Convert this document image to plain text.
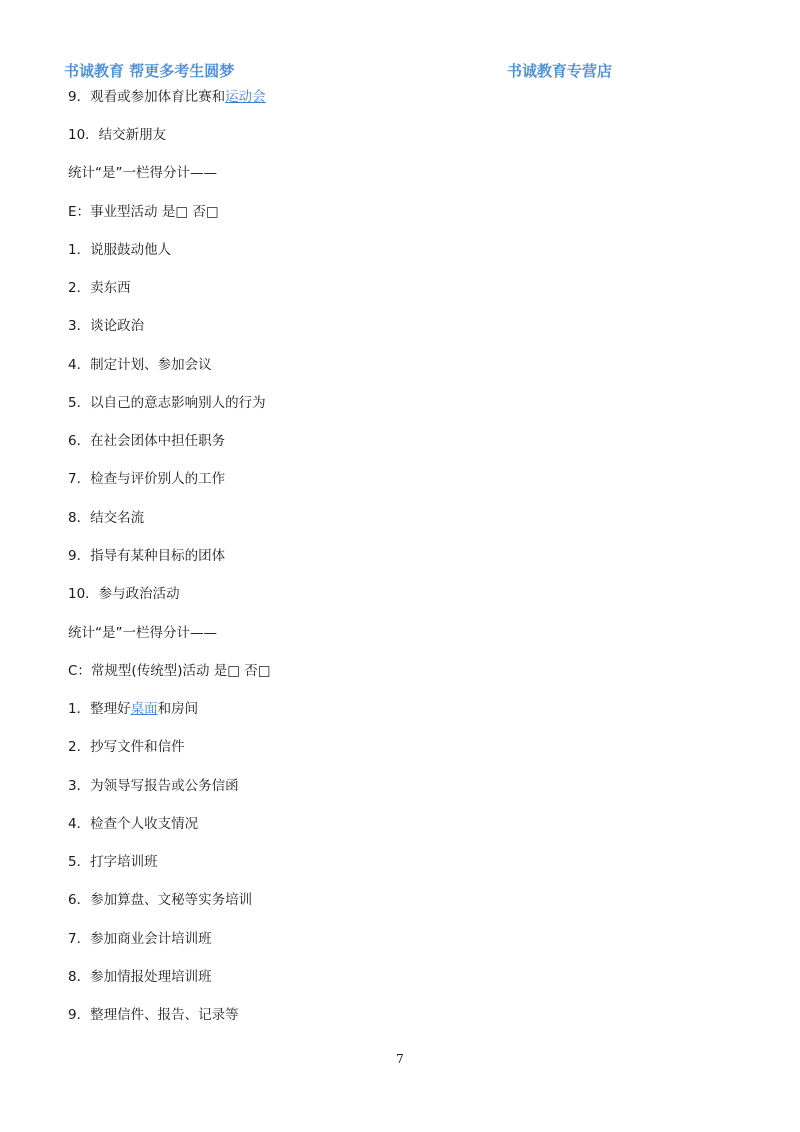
书诚教育 帮更多考生圆梦	书诚教育专营店
9．观看或参加体育比赛和运动会
10．结交新朋友
统计“是”一栏得分计——
E：事业型活动 是□ 否□
1．说服鼓动他人
2．卖东西
3．谈论政治
4．制定计划、参加会议
5．以自己的意志影响别人的行为
6．在社会团体中担任职务
7．检查与评价别人的工作
8．结交名流
9．指导有某种目标的团体
10．参与政治活动
统计“是”一栏得分计——
C：常规型(传统型)活动 是□ 否□
1．整理好桌面和房间
2．抄写文件和信件
3．为领导写报告或公务信函
4．检查个人收支情况
5．打字培训班
6．参加算盘、文秘等实务培训
7．参加商业会计培训班
8．参加情报处理培训班
9．整理信件、报告、记录等
7
